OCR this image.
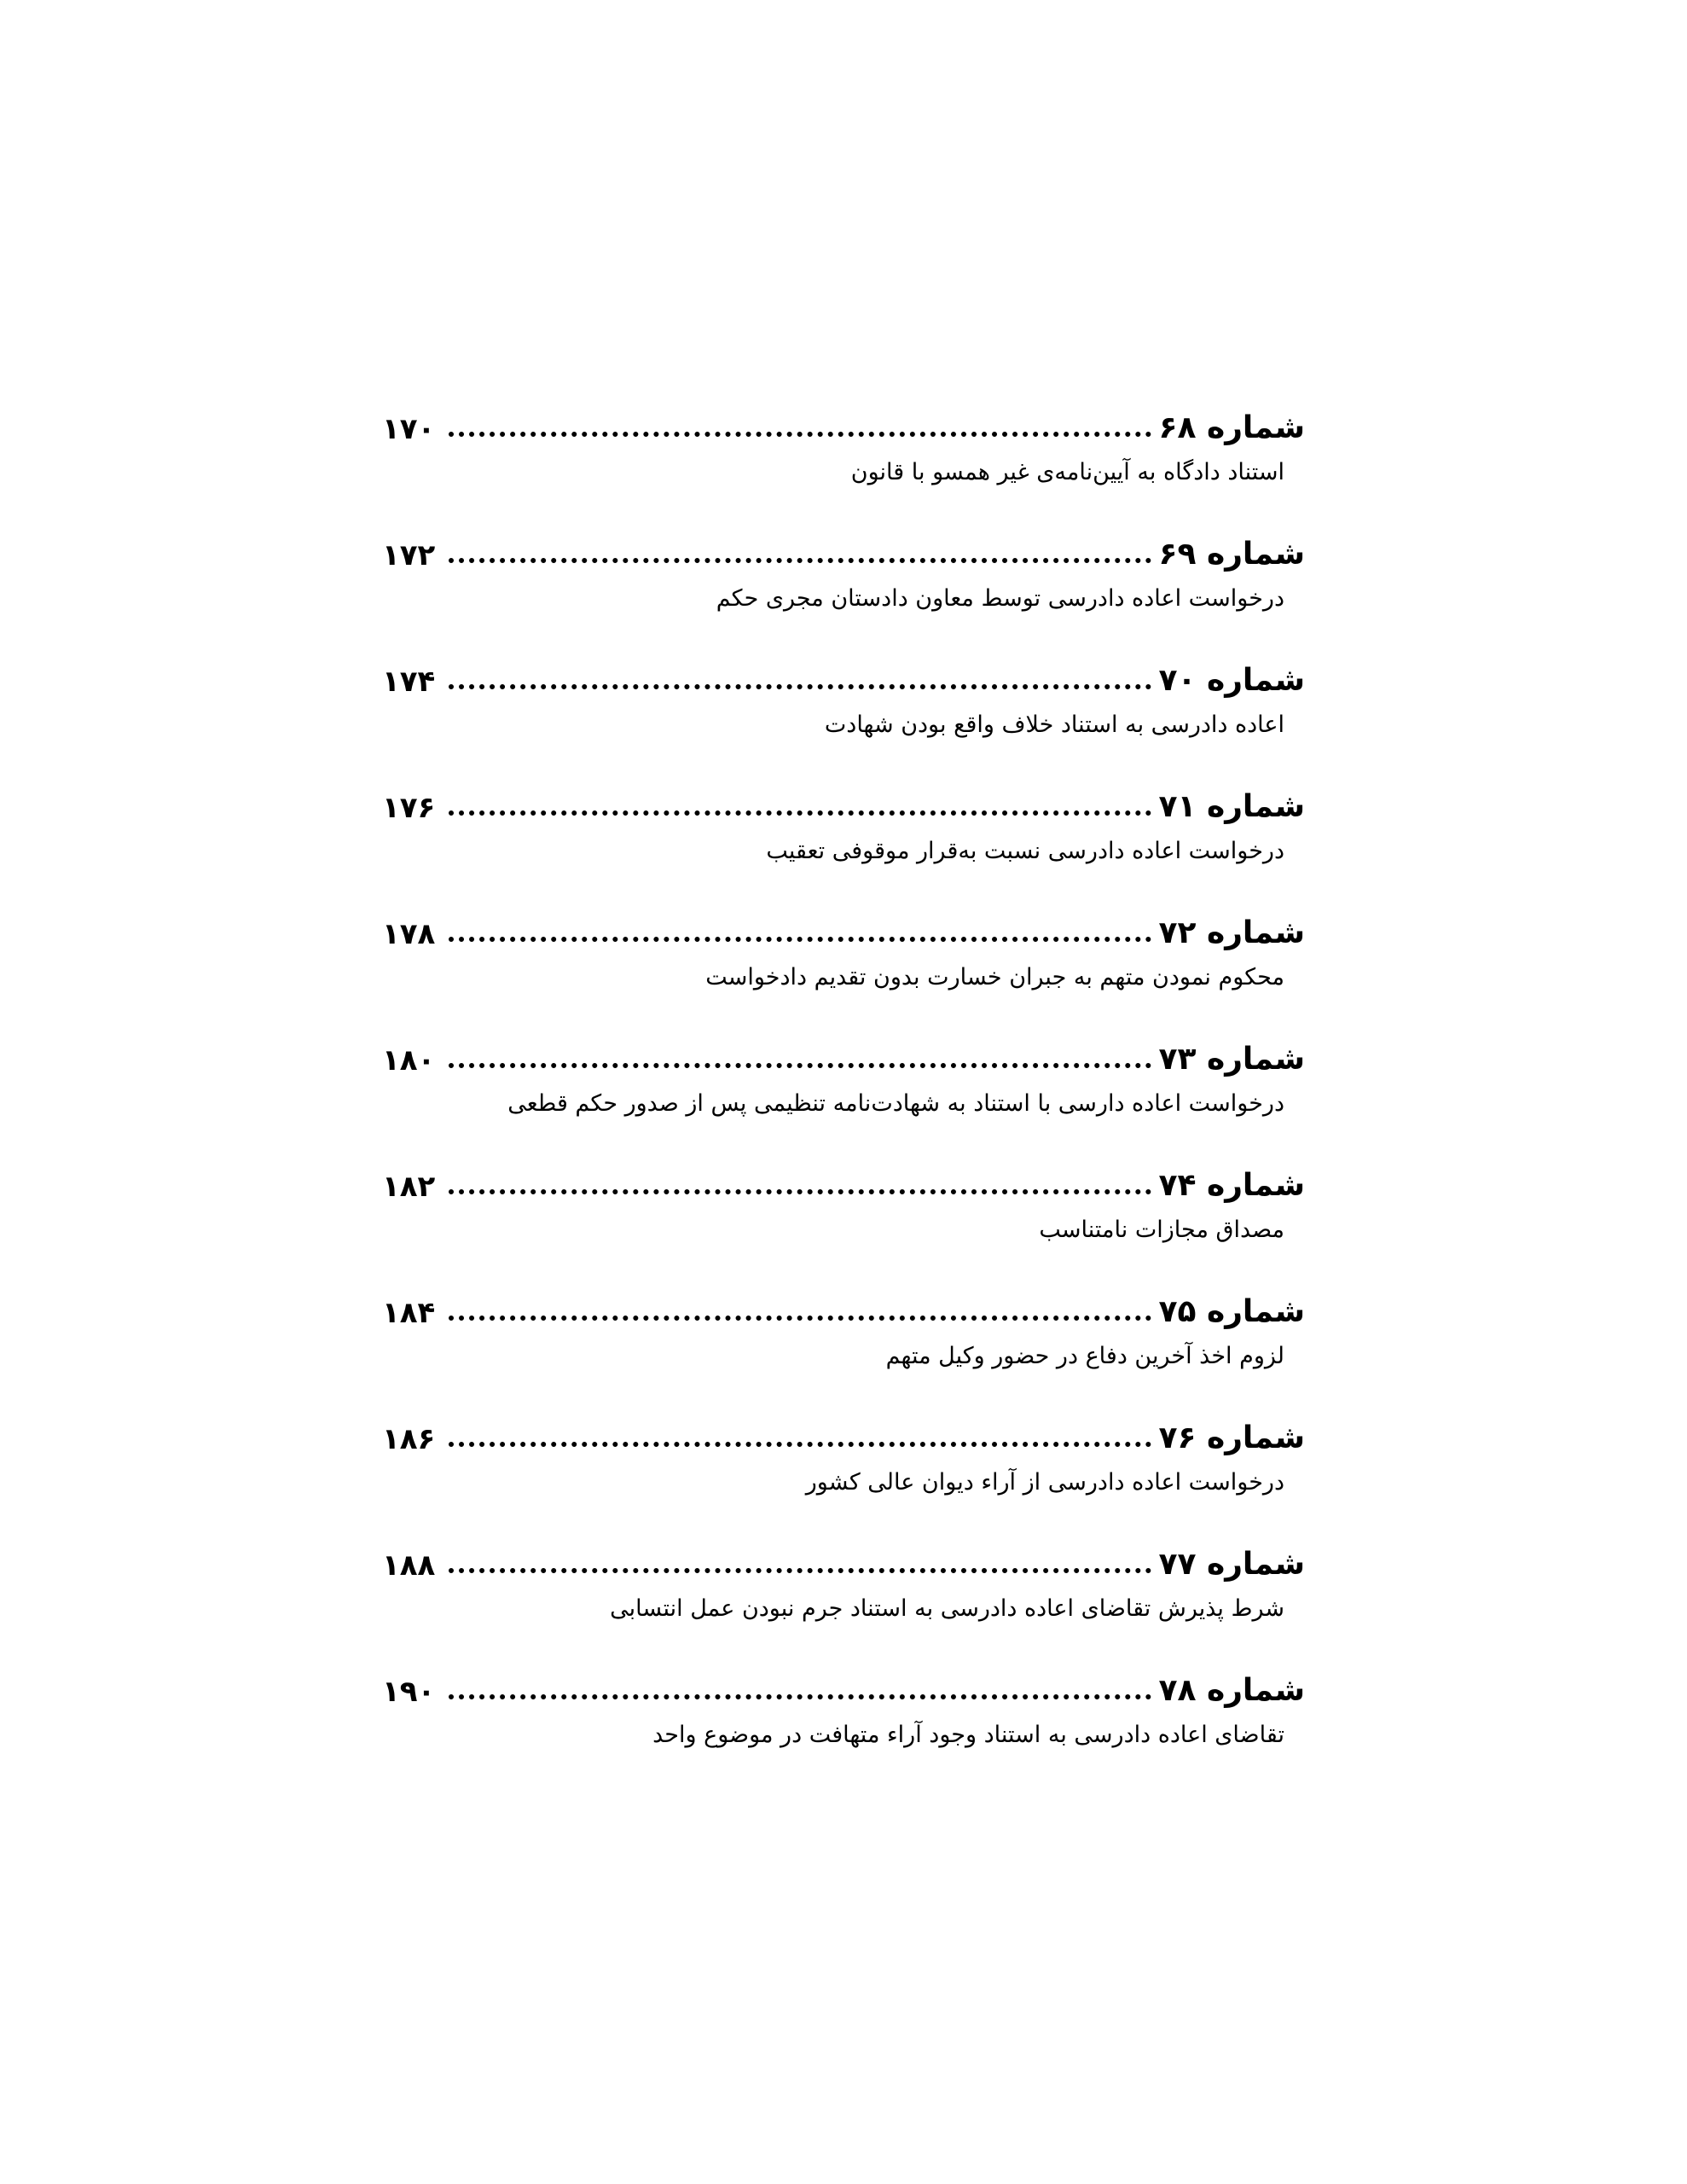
شماره ۶۸
۱۷۰
استناد دادگاه به آیین‌نامه‌ی غیر همسو با قانون
شماره ۶۹
۱۷۲
درخواست اعاده دادرسی توسط معاون دادستان مجری حکم
شماره ۷۰
۱۷۴
اعاده دادرسی به استناد خلاف واقع بودن شهادت
شماره ۷۱
۱۷۶
درخواست اعاده دادرسی نسبت به‌قرار موقوفی تعقیب
شماره ۷۲
۱۷۸
محکوم نمودن متهم به جبران خسارت بدون تقدیم دادخواست
شماره ۷۳
۱۸۰
درخواست اعاده دارسی با استناد به شهادت‌نامه تنظیمی پس از صدور حکم قطعی
شماره ۷۴
۱۸۲
مصداق مجازات نامتناسب
شماره ۷۵
۱۸۴
لزوم اخذ آخرین دفاع در حضور وکیل متهم
شماره ۷۶
۱۸۶
درخواست اعاده دادرسی از آراء دیوان عالی کشور
شماره ۷۷
۱۸۸
شرط پذیرش تقاضای اعاده دادرسی به استناد جرم نبودن عمل انتسابی
شماره ۷۸
۱۹۰
تقاضای اعاده دادرسی به استناد وجود آراء متهافت در موضوع واحد
